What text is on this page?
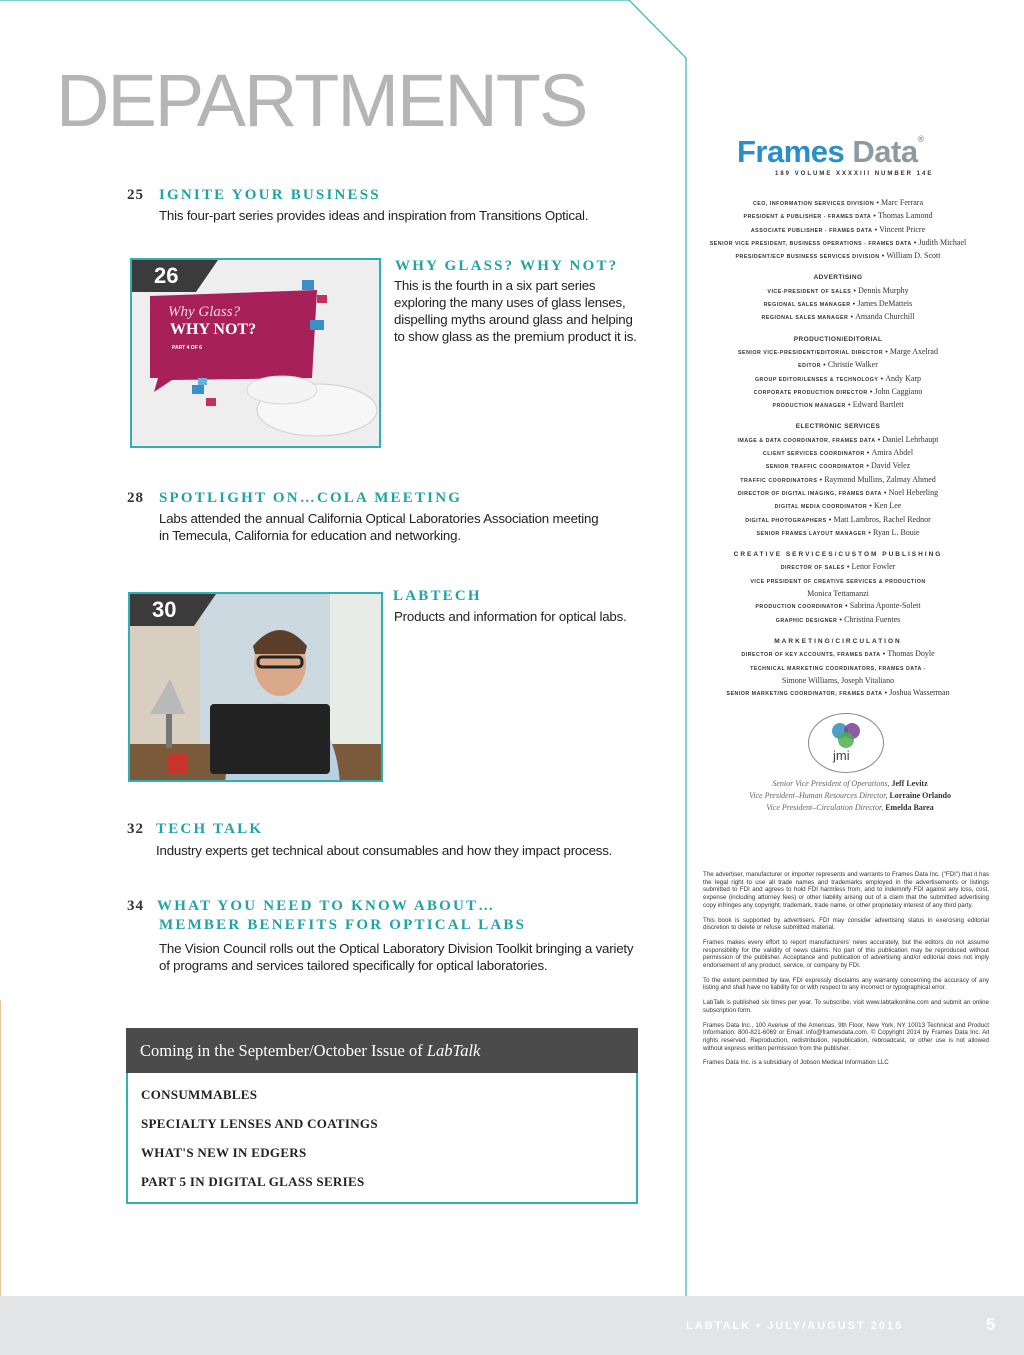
DEPARTMENTS
25 IGNITE YOUR BUSINESS
This four-part series provides ideas and inspiration from Transitions Optical.
26
Why Glass?
WHY NOT?
PART 4 OF 6
WHY GLASS? WHY NOT?
This is the fourth in a six part series
exploring the many uses of glass lenses,
dispelling myths around glass and helping
to show glass as the premium product it is.
28 SPOTLIGHT ON…COLA MEETING
Labs attended the annual California Optical Laboratories Association meeting
in Temecula, California for education and networking.
30
LABTECH
Products and information for optical labs.
32 TECH TALK
Industry experts get technical about consumables and how they impact process.
34 WHAT YOU NEED TO KNOW ABOUT…
MEMBER BENEFITS FOR OPTICAL LABS
The Vision Council rolls out the Optical Laboratory Division Toolkit bringing a variety
of programs and services tailored specifically for optical laboratories.
Coming in the September/October Issue of LabTalk
CONSUMMABLES
SPECIALTY LENSES AND COATINGS
WHAT'S NEW IN EDGERS
PART 5 IN DIGITAL GLASS SERIES
Frames Data®
189 VOLUME XXXXIII NUMBER 14E
CEO, INFORMATION SERVICES DIVISION • Marc Ferrara
PRESIDENT & PUBLISHER - FRAMES DATA • Thomas Lamond
ASSOCIATE PUBLISHER - FRAMES DATA • Vincent Pricre
SENIOR VICE PRESIDENT, BUSINESS OPERATIONS - FRAMES DATA • Judith Michael
PRESIDENT/ECP BUSINESS SERVICES DIVISION • William D. Scott
ADVERTISING
VICE-PRESIDENT OF SALES • Dennis Murphy
REGIONAL SALES MANAGER • James DeMatteis
REGIONAL SALES MANAGER • Amanda Churchill
PRODUCTION/EDITORIAL
SENIOR VICE-PRESIDENT/EDITORIAL DIRECTOR • Marge Axelrad
EDITOR • Christie Walker
GROUP EDITOR/LENSES & TECHNOLOGY • Andy Karp
CORPORATE PRODUCTION DIRECTOR • John Caggiano
PRODUCTION MANAGER • Edward Bartlett
ELECTRONIC SERVICES
IMAGE & DATA COORDINATOR, FRAMES DATA • Daniel Lehrhaupt
CLIENT SERVICES COORDINATOR • Amira Abdel
SENIOR TRAFFIC COORDINATOR • David Velez
TRAFFIC COORDINATORS • Raymond Mullins, Zalmay Ahmed
DIRECTOR OF DIGITAL IMAGING, FRAMES DATA • Noel Heberling
DIGITAL MEDIA COORDINATOR • Ken Lee
DIGITAL PHOTOGRAPHERS • Matt Lambros, Rachel Rednor
SENIOR FRAMES LAYOUT MANAGER • Ryan L. Bouie
CREATIVE SERVICES/CUSTOM PUBLISHING
DIRECTOR OF SALES • Lenor Fowler
VICE PRESIDENT OF CREATIVE SERVICES & PRODUCTION
Monica Tettamanzi
PRODUCTION COORDINATOR • Sabrina Aponte-Solett
GRAPHIC DESIGNER • Christina Fuentes
MARKETING/CIRCULATION
DIRECTOR OF KEY ACCOUNTS, FRAMES DATA • Thomas Doyle
TECHNICAL MARKETING COORDINATORS, FRAMES DATA -
Simone Williams, Joseph Vitaliano
SENIOR MARKETING COORDINATOR, FRAMES DATA • Joshua Wasserman
jmi
Senior Vice President of Operations, Jeff Levitz
Vice President–Human Resources Director, Lorraine Orlando
Vice President–Circulation Director, Emelda Barea
The advertiser, manufacturer or importer represents and warrants to Frames Data Inc. ("FDI") that it has the legal right to use all trade names and trademarks employed in the advertisements or listings submitted to FDI and agrees to hold FDI harmless from, and to indemnify FDI against any loss, cost, expense (including attorney fees) or other liability arising out of a claim that the submitted advertising copy infringes any copyright, trademark, trade name, or other proprietary interest of any third party.
This book is supported by advertisers. FDI may consider advertising status in exercising editorial discretion to delete or refuse submitted material.
Frames makes every effort to report manufacturers' news accurately, but the editors do not assume responsibility for the validity of news claims. No part of this publication may be reproduced without permission of the publisher. Acceptance and publication of advertising and/or editorial does not imply endorsement of any product, service, or company by FDI.
To the extent permitted by law, FDI expressly disclaims any warranty concerning the accuracy of any listing and shall have no liability for or with respect to any incorrect or typographical error.
LabTalk is published six times per year. To subscribe, visit www.labtalkonline.com and submit an online subscription form.
Frames Data Inc., 100 Avenue of the Americas, 9th Floor, New York, NY 10013 Technical and Product Information: 800-821-6069 or Email: info@framesdata.com. © Copyright 2014 by Frames Data Inc. All rights reserved. Reproduction, redistribution, republication, rebroadcast, or other use is not allowed without express written permission from the publisher.
Frames Data Inc. is a subsidiary of Jobson Medical Information LLC
LABTALK • JULY/AUGUST 2015	5
